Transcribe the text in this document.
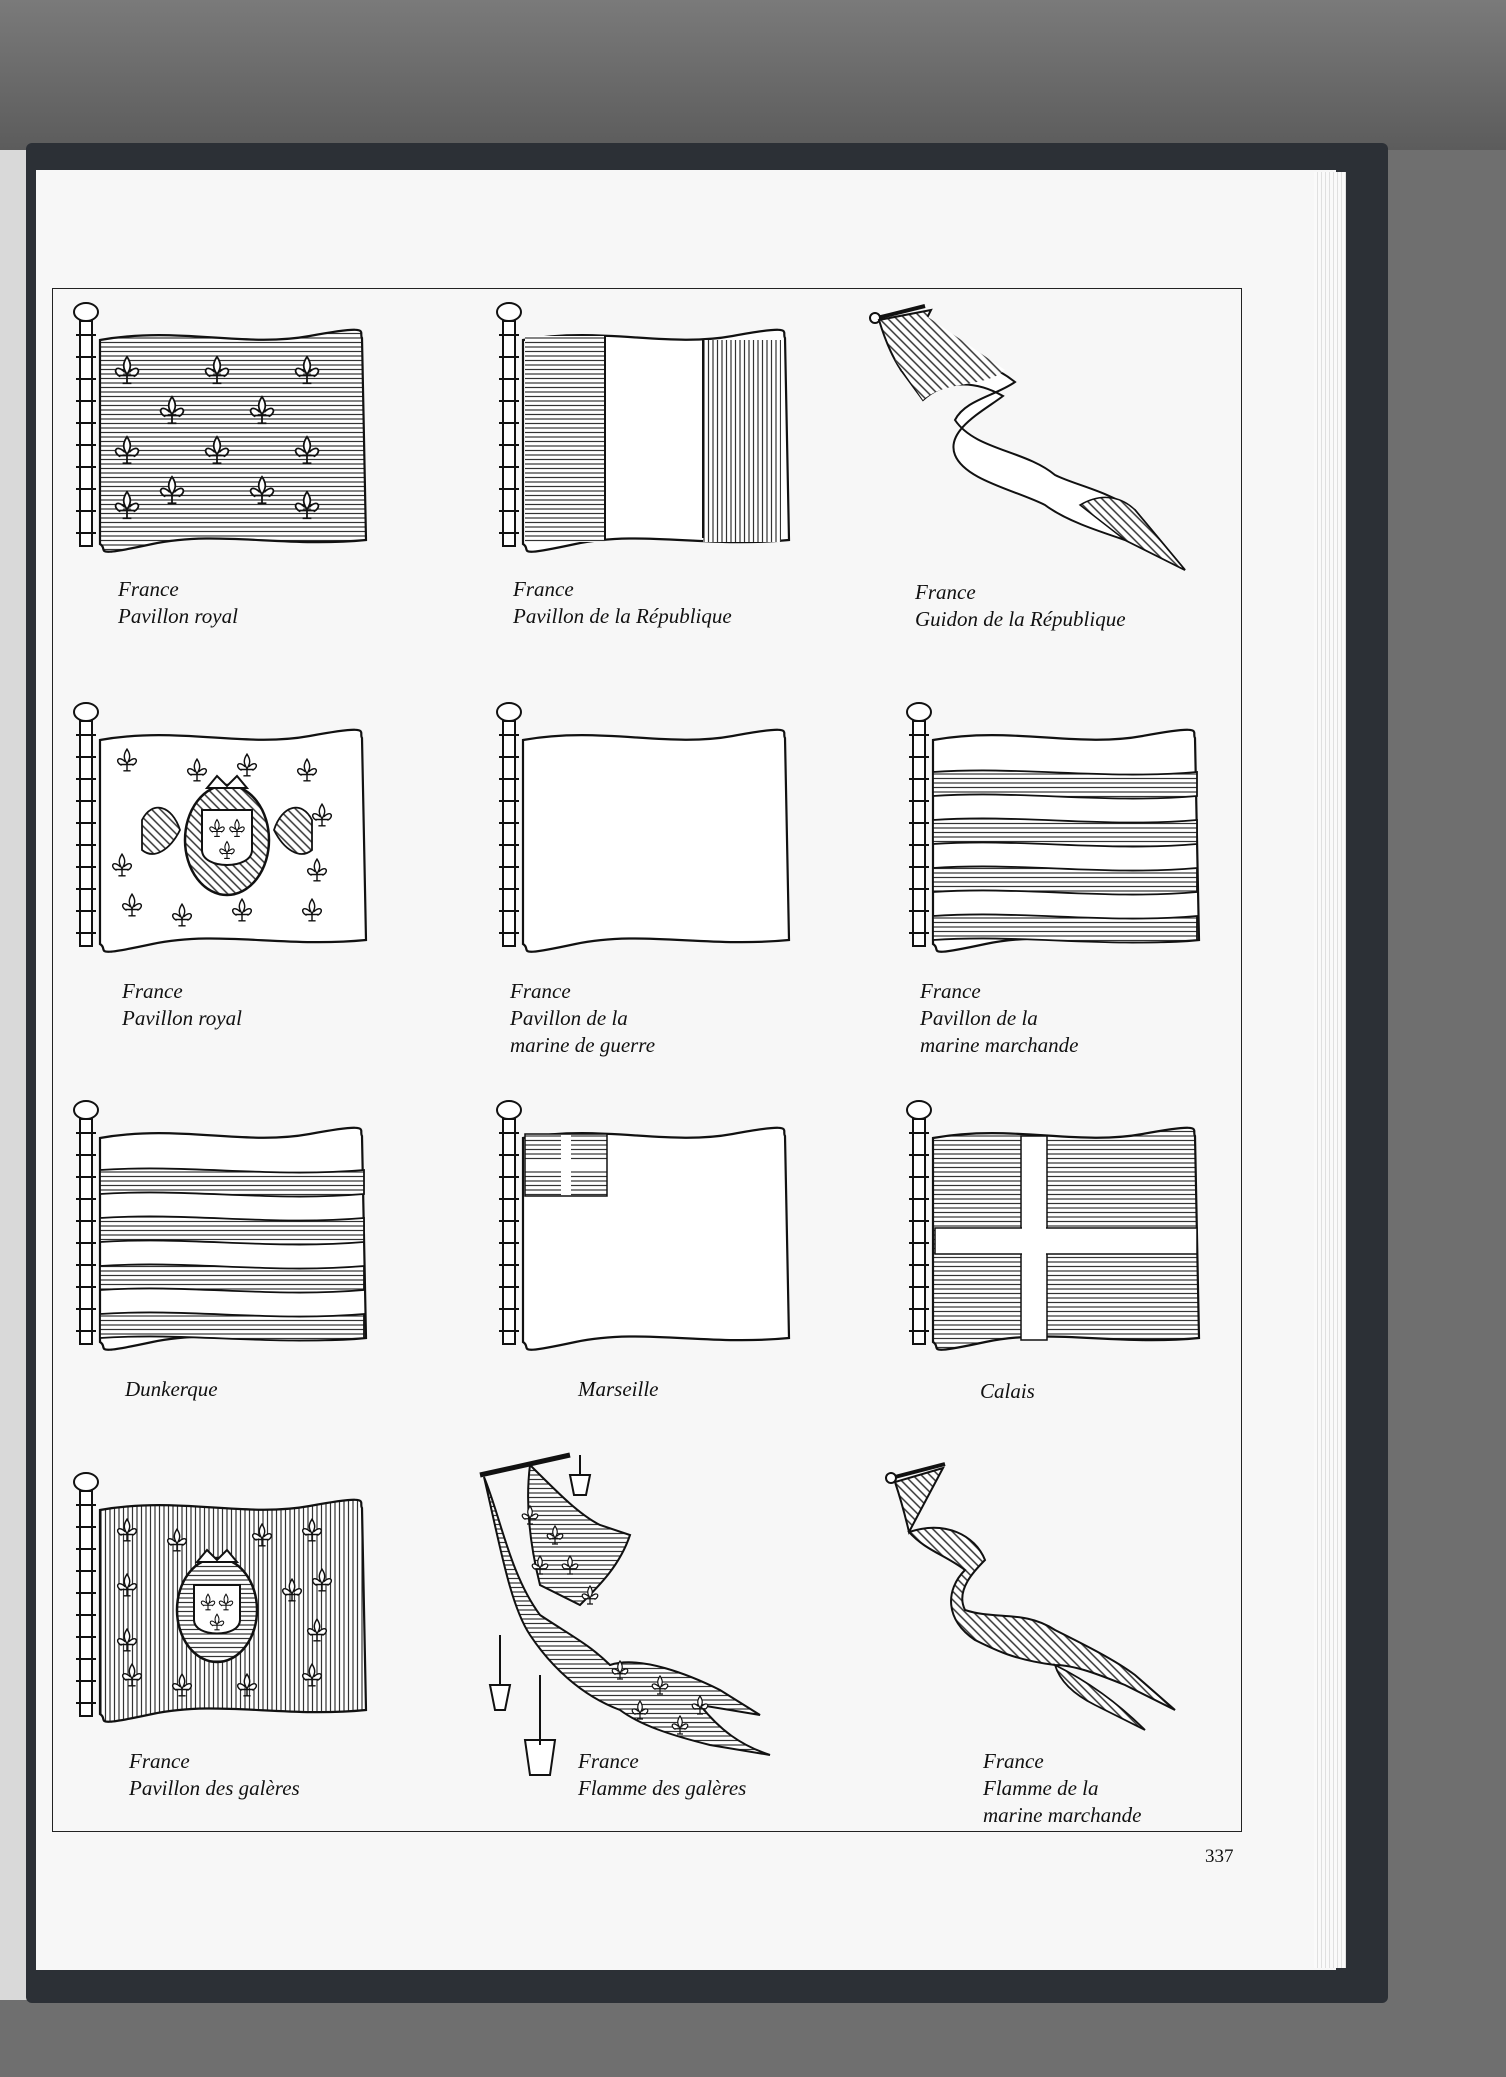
France
Pavillon royal
France
Pavillon de la République
France
Guidon de la République
France
Pavillon royal
France
Pavillon de la
marine de guerre
France
Pavillon de la
marine marchande
Dunkerque	Marseille	Calais
France
Pavillon des galères
France
Flamme des galères
France
Flamme de la
marine marchande
337
